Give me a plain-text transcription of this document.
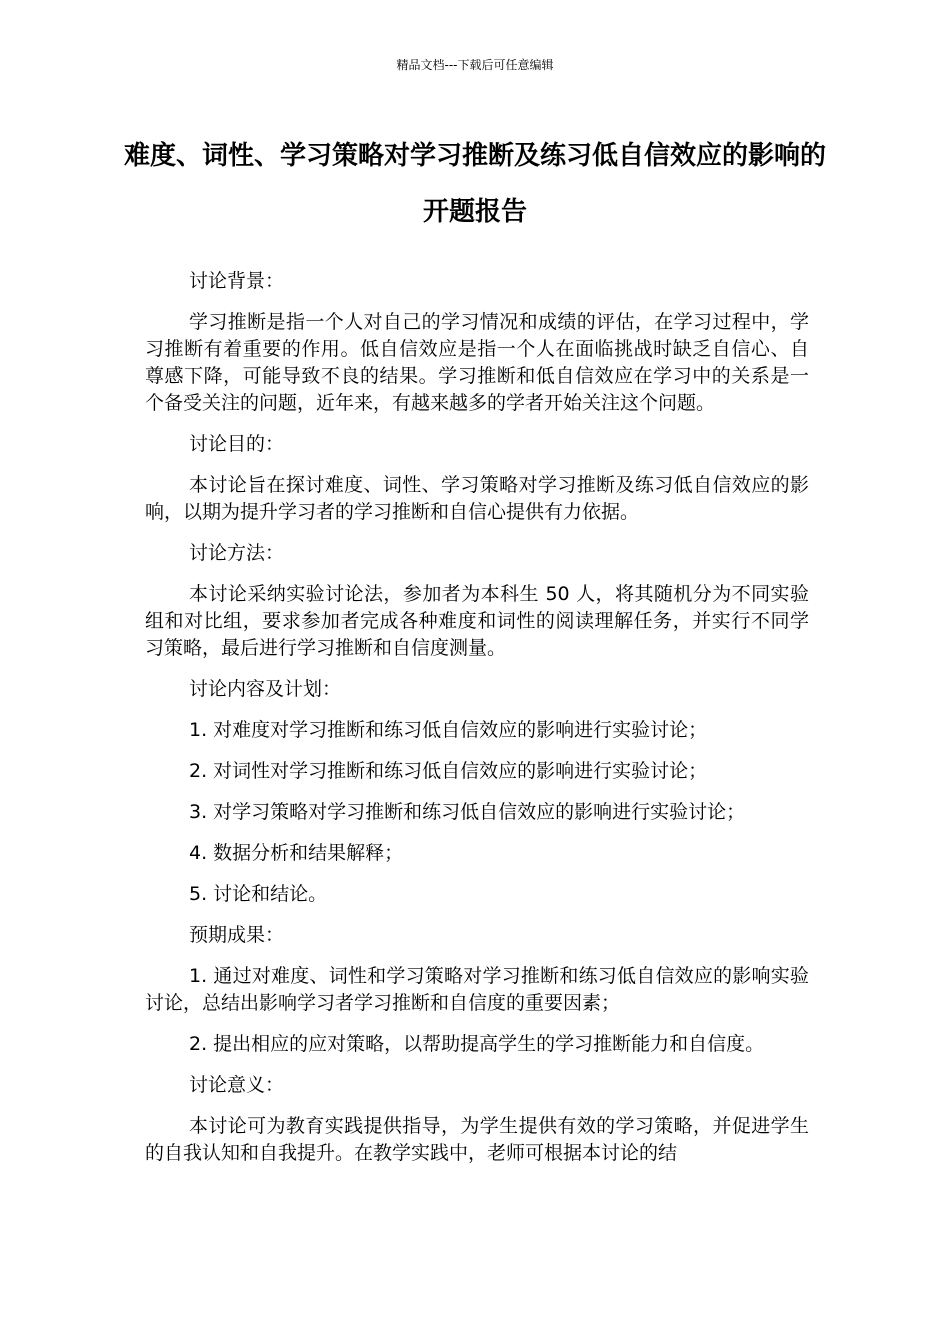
精品文档---下载后可任意编辑
难度、词性、学习策略对学习推断及练习低自信效应的影响的开题报告

讨论背景：

学习推断是指一个人对自己的学习情况和成绩的评估，在学习过程中，学习推断有着重要的作用。低自信效应是指一个人在面临挑战时缺乏自信心、自尊感下降，可能导致不良的结果。学习推断和低自信效应在学习中的关系是一个备受关注的问题，近年来，有越来越多的学者开始关注这个问题。

讨论目的：

本讨论旨在探讨难度、词性、学习策略对学习推断及练习低自信效应的影响，以期为提升学习者的学习推断和自信心提供有力依据。

讨论方法：

本讨论采纳实验讨论法，参加者为本科生 50 人，将其随机分为不同实验组和对比组，要求参加者完成各种难度和词性的阅读理解任务，并实行不同学习策略，最后进行学习推断和自信度测量。

讨论内容及计划：

1. 对难度对学习推断和练习低自信效应的影响进行实验讨论；

2. 对词性对学习推断和练习低自信效应的影响进行实验讨论；

3. 对学习策略对学习推断和练习低自信效应的影响进行实验讨论；

4. 数据分析和结果解释；

5. 讨论和结论。

预期成果：

1. 通过对难度、词性和学习策略对学习推断和练习低自信效应的影响实验讨论，总结出影响学习者学习推断和自信度的重要因素；

2. 提出相应的应对策略，以帮助提高学生的学习推断能力和自信度。

讨论意义：

本讨论可为教育实践提供指导，为学生提供有效的学习策略，并促进学生的自我认知和自我提升。在教学实践中，老师可根据本讨论的结
